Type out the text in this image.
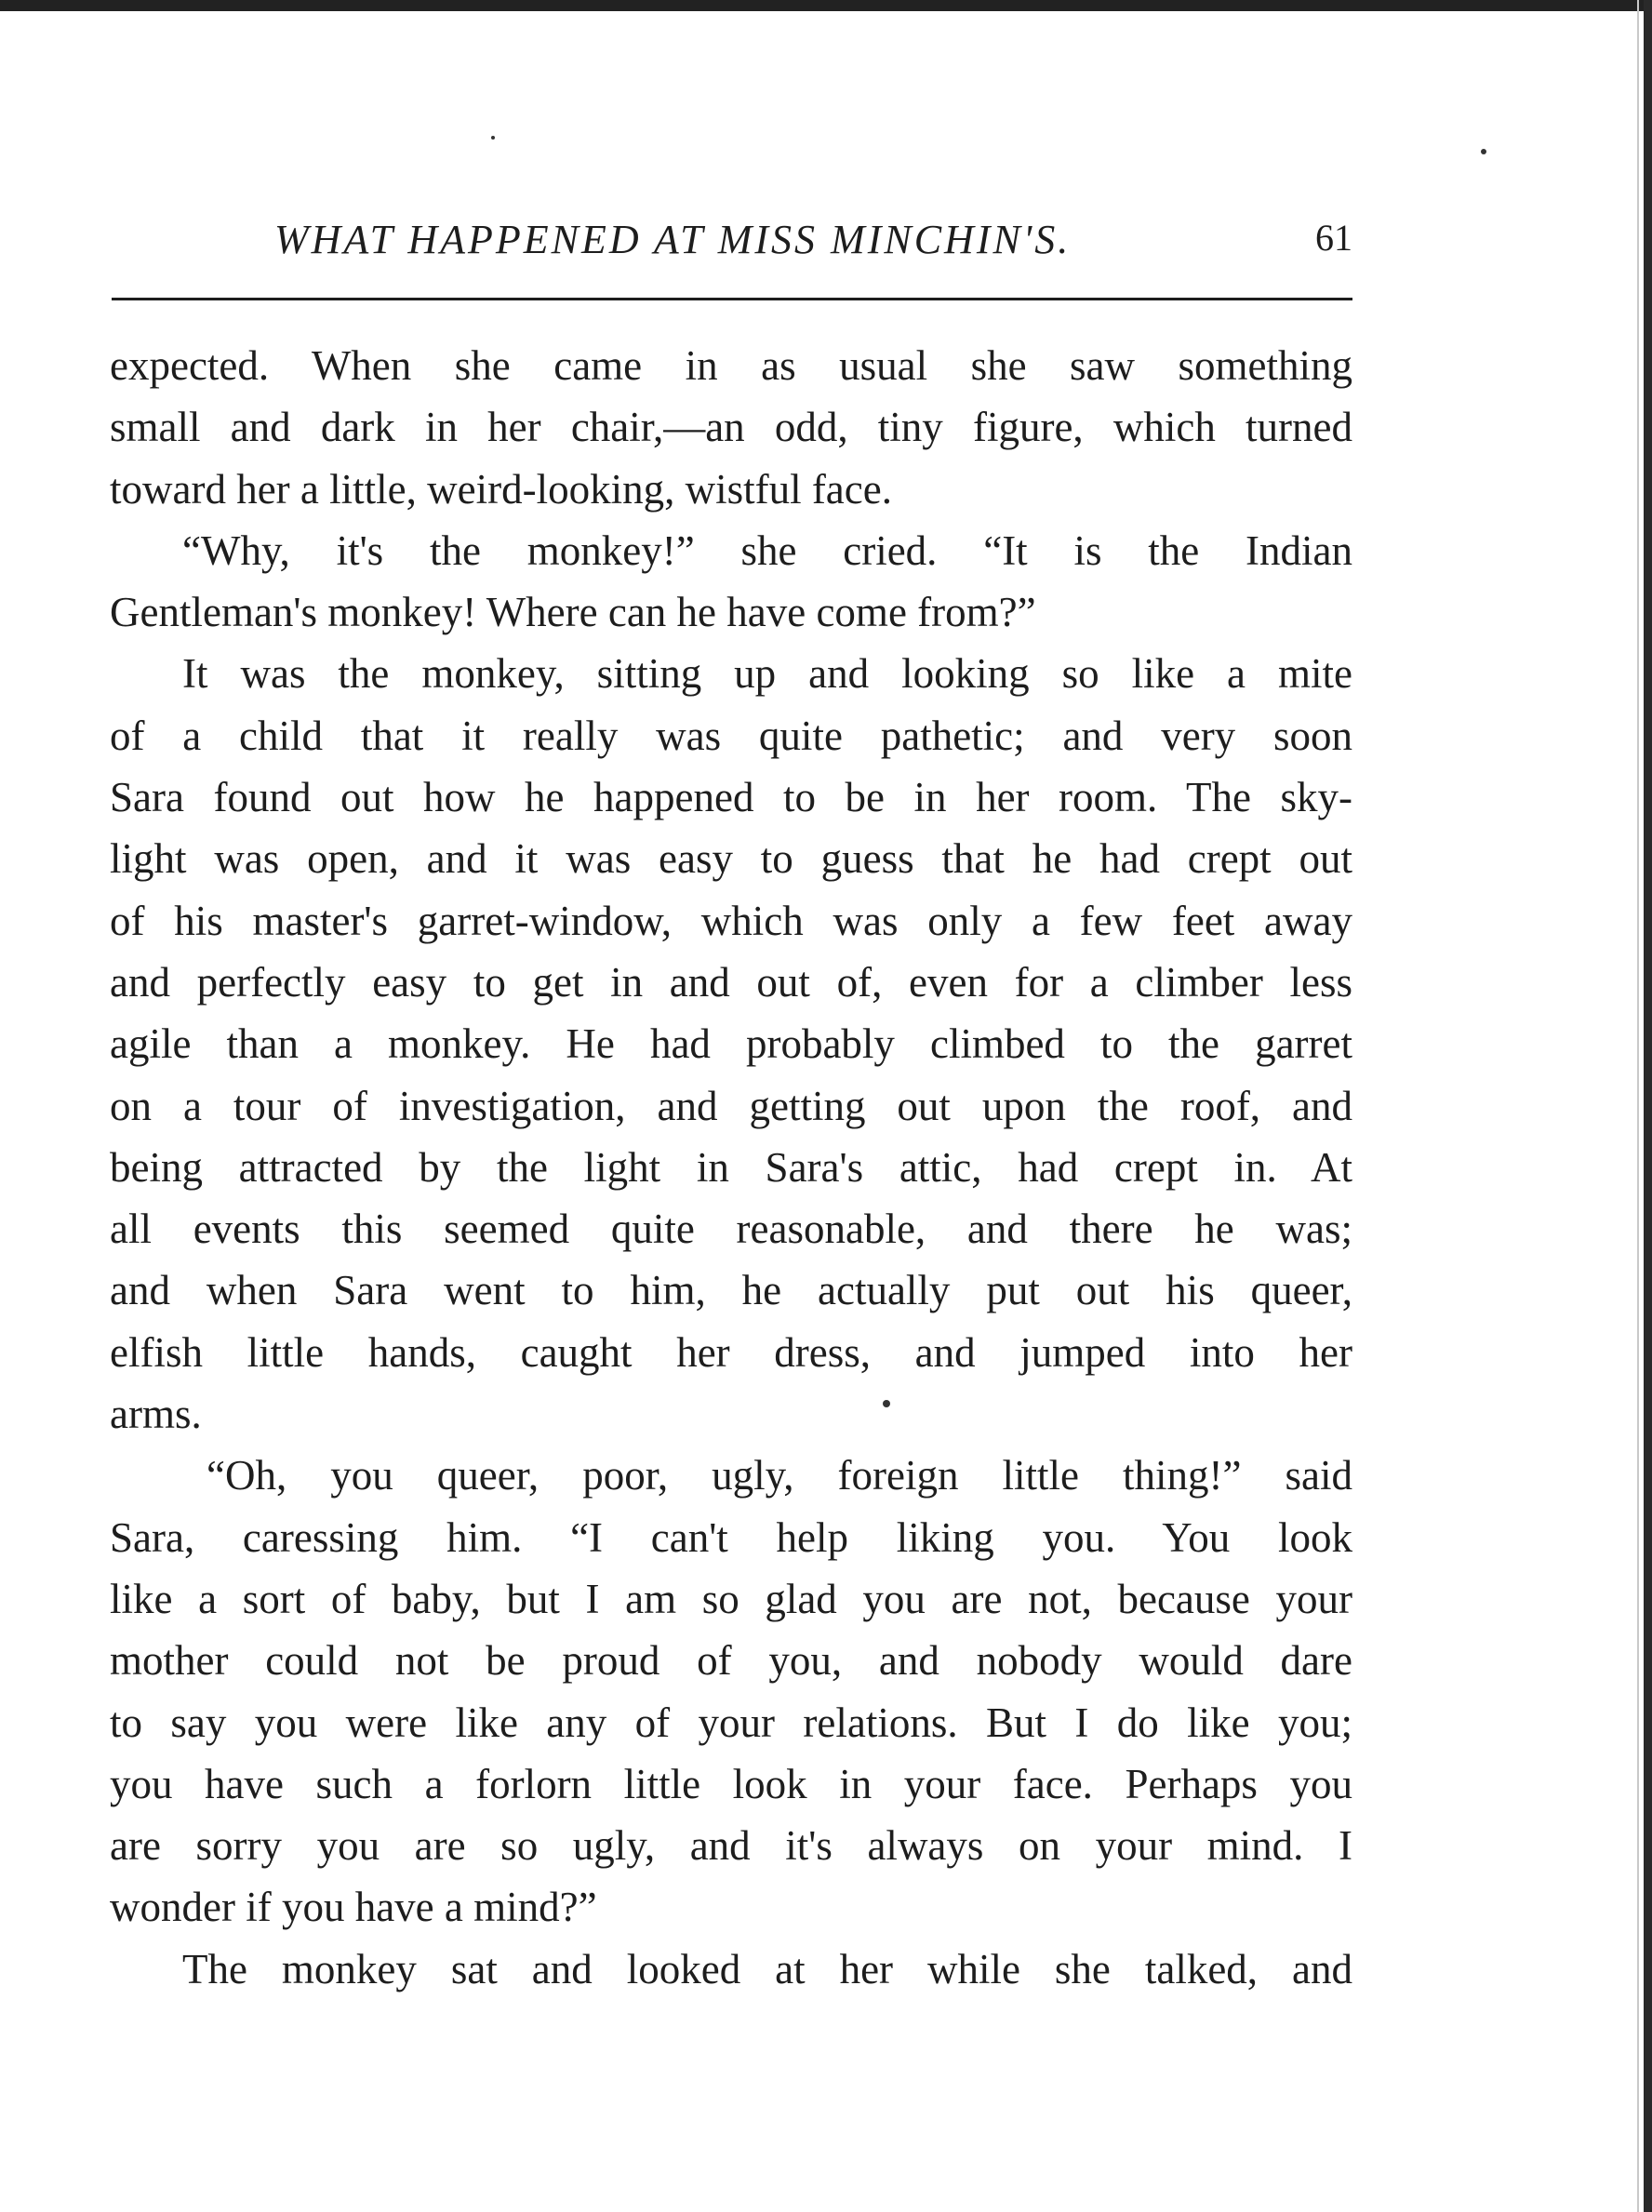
WHAT HAPPENED AT MISS MINCHIN'S.	61
expected. When she came in as usual she saw something
small and dark in her chair,—an odd, tiny figure, which turned
toward her a little, weird-looking, wistful face.
“Why, it's the monkey!” she cried. “It is the Indian
Gentleman's monkey! Where can he have come from?”
It was the monkey, sitting up and looking so like a mite
of a child that it really was quite pathetic; and very soon
Sara found out how he happened to be in her room. The sky-
light was open, and it was easy to guess that he had crept out
of his master's garret-window, which was only a few feet away
and perfectly easy to get in and out of, even for a climber less
agile than a monkey. He had probably climbed to the garret
on a tour of investigation, and getting out upon the roof, and
being attracted by the light in Sara's attic, had crept in. At
all events this seemed quite reasonable, and there he was;
and when Sara went to him, he actually put out his queer,
elfish little hands, caught her dress, and jumped into her
arms.
“Oh, you queer, poor, ugly, foreign little thing!” said
Sara, caressing him. “I can't help liking you. You look
like a sort of baby, but I am so glad you are not, because your
mother could not be proud of you, and nobody would dare
to say you were like any of your relations. But I do like you;
you have such a forlorn little look in your face. Perhaps you
are sorry you are so ugly, and it's always on your mind. I
wonder if you have a mind?”
The monkey sat and looked at her while she talked, and
